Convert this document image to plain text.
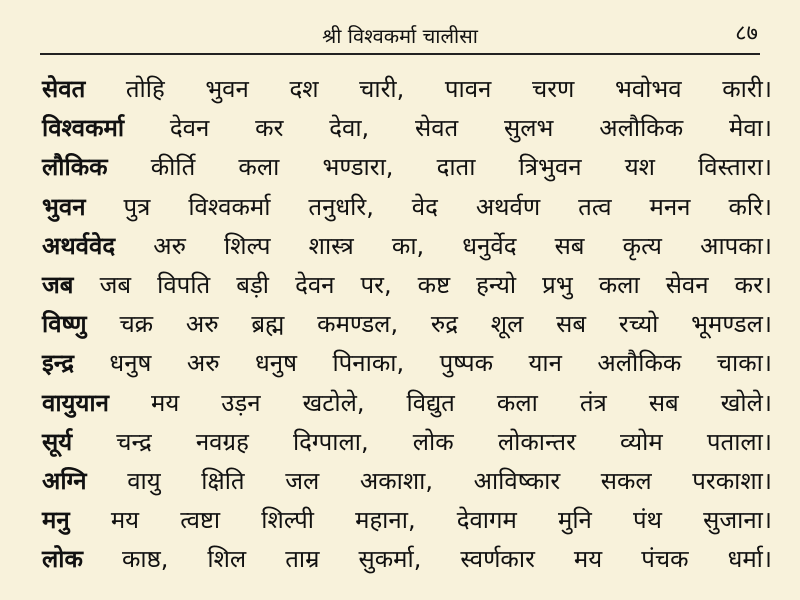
श्री विश्वकर्मा चालीसा	८७
सेवत तोहि भुवन दश चारी, पावन चरण भवोभव कारी।
विश्वकर्मा देवन कर देवा, सेवत सुलभ अलौकिक मेवा।
लौकिक कीर्ति कला भण्डारा, दाता त्रिभुवन यश विस्तारा।
भुवन पुत्र विश्वकर्मा तनुधरि, वेद अथर्वण तत्व मनन करि।
अथर्ववेद अरु शिल्प शास्त्र का, धनुर्वेद सब कृत्य आपका।
जब जब विपति बड़ी देवन पर, कष्ट हन्यो प्रभु कला सेवन कर।
विष्णु चक्र अरु ब्रह्म कमण्डल, रुद्र शूल सब रच्यो भूमण्डल।
इन्द्र धनुष अरु धनुष पिनाका, पुष्पक यान अलौकिक चाका।
वायुयान मय उड़न खटोले, विद्युत कला तंत्र सब खोले।
सूर्य चन्द्र नवग्रह दिग्पाला, लोक लोकान्तर व्योम पताला।
अग्नि वायु क्षिति जल अकाशा, आविष्कार सकल परकाशा।
मनु मय त्वष्टा शिल्पी महाना, देवागम मुनि पंथ सुजाना।
लोक काष्ठ, शिल ताम्र सुकर्मा, स्वर्णकार मय पंचक धर्मा।
